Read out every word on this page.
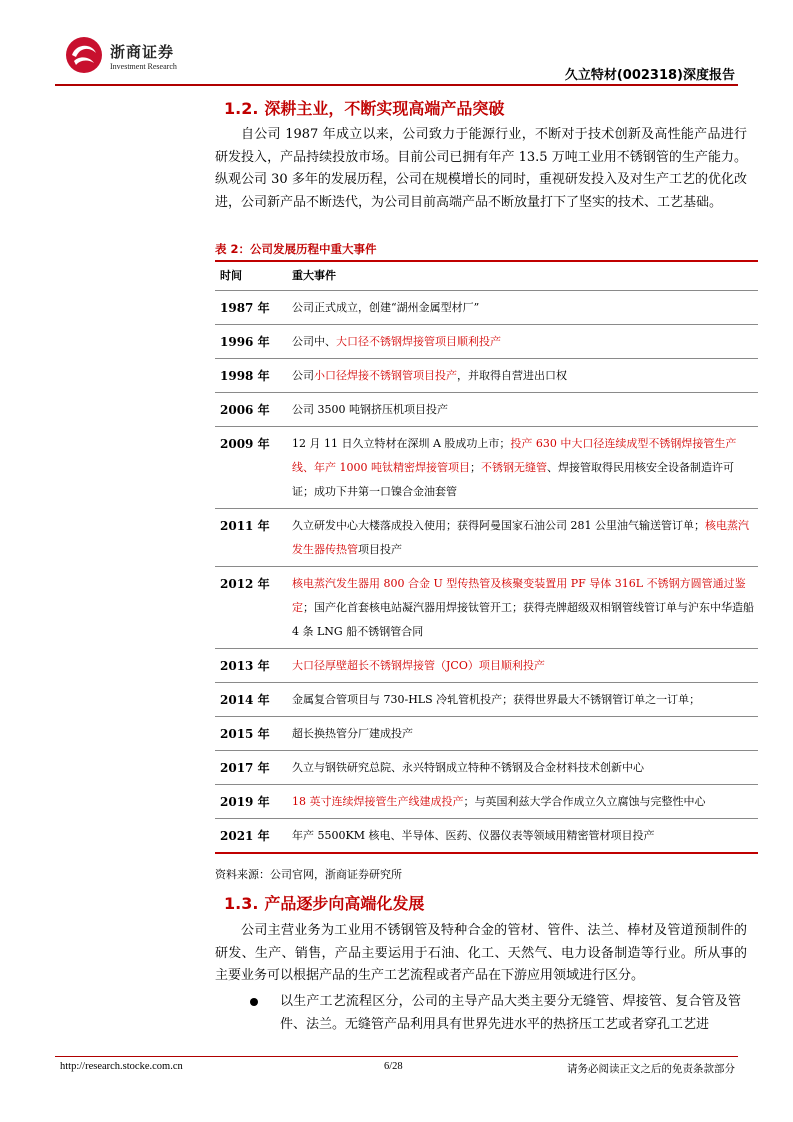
浙商证券
Investment Research
久立特材(002318)深度报告
1.2. 深耕主业，不断实现高端产品突破
自公司 1987 年成立以来，公司致力于能源行业，不断对于技术创新及高性能产品进行研发投入，产品持续投放市场。目前公司已拥有年产 13.5 万吨工业用不锈钢管的生产能力。纵观公司 30 多年的发展历程，公司在规模增长的同时，重视研发投入及对生产工艺的优化改进，公司新产品不断迭代，为公司目前高端产品不断放量打下了坚实的技术、工艺基础。
表 2：公司发展历程中重大事件
时间	重大事件
1987 年	公司正式成立，创建“湖州金属型材厂”
1996 年	公司中、大口径不锈钢焊接管项目顺利投产
1998 年	公司小口径焊接不锈钢管项目投产，并取得自营进出口权
2006 年	公司 3500 吨钢挤压机项目投产
2009 年	12 月 11 日久立特材在深圳 A 股成功上市；投产 630 中大口径连续成型不锈钢焊接管生产线、年产 1000 吨钛精密焊接管项目；不锈钢无缝管、焊接管取得民用核安全设备制造许可证；成功下井第一口镍合金油套管
2011 年	久立研发中心大楼落成投入使用；获得阿曼国家石油公司 281 公里油气输送管订单；核电蒸汽发生器传热管项目投产
2012 年	核电蒸汽发生器用 800 合金 U 型传热管及核聚变装置用 PF 导体 316L 不锈钢方圆管通过鉴定；国产化首套核电站凝汽器用焊接钛管开工；获得壳牌超级双相钢管线管订单与沪东中华造船 4 条 LNG 船不锈钢管合同
2013 年	大口径厚壁超长不锈钢焊接管（JCO）项目顺利投产
2014 年	金属复合管项目与 730-HLS 冷轧管机投产；获得世界最大不锈钢管订单之一订单；
2015 年	超长换热管分厂建成投产
2017 年	久立与钢铁研究总院、永兴特钢成立特种不锈钢及合金材料技术创新中心
2019 年	18 英寸连续焊接管生产线建成投产；与英国利兹大学合作成立久立腐蚀与完整性中心
2021 年	年产 5500KM 核电、半导体、医药、仪器仪表等领域用精密管材项目投产
资料来源：公司官网，浙商证券研究所
1.3. 产品逐步向高端化发展
公司主营业务为工业用不锈钢管及特种合金的管材、管件、法兰、棒材及管道预制件的研发、生产、销售，产品主要运用于石油、化工、天然气、电力设备制造等行业。所从事的主要业务可以根据产品的生产工艺流程或者产品在下游应用领域进行区分。
以生产工艺流程区分，公司的主导产品大类主要分无缝管、焊接管、复合管及管件、法兰。无缝管产品利用具有世界先进水平的热挤压工艺或者穿孔工艺进
http://research.stocke.com.cn	6/28	请务必阅读正文之后的免责条款部分
